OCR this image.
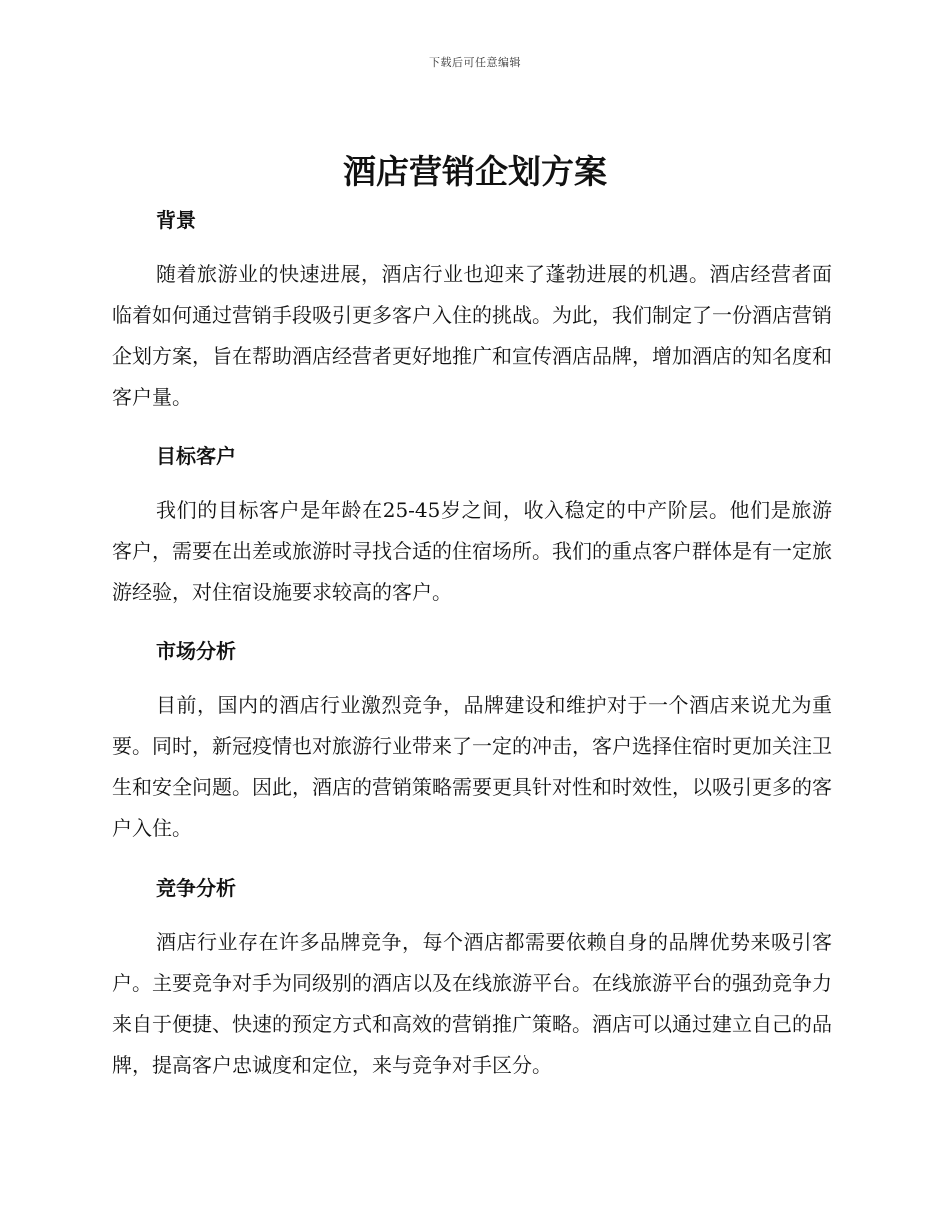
下载后可任意编辑
酒店营销企划方案
背景

随着旅游业的快速进展，酒店行业也迎来了蓬勃进展的机遇。酒店经营者面临着如何通过营销手段吸引更多客户入住的挑战。为此，我们制定了一份酒店营销企划方案，旨在帮助酒店经营者更好地推广和宣传酒店品牌，增加酒店的知名度和客户量。

目标客户

我们的目标客户是年龄在25-45岁之间，收入稳定的中产阶层。他们是旅游客户，需要在出差或旅游时寻找合适的住宿场所。我们的重点客户群体是有一定旅游经验，对住宿设施要求较高的客户。

市场分析

目前，国内的酒店行业激烈竞争，品牌建设和维护对于一个酒店来说尤为重要。同时，新冠疫情也对旅游行业带来了一定的冲击，客户选择住宿时更加关注卫生和安全问题。因此，酒店的营销策略需要更具针对性和时效性，以吸引更多的客户入住。

竞争分析

酒店行业存在许多品牌竞争，每个酒店都需要依赖自身的品牌优势来吸引客户。主要竞争对手为同级别的酒店以及在线旅游平台。在线旅游平台的强劲竞争力来自于便捷、快速的预定方式和高效的营销推广策略。酒店可以通过建立自己的品牌，提高客户忠诚度和定位，来与竞争对手区分。
